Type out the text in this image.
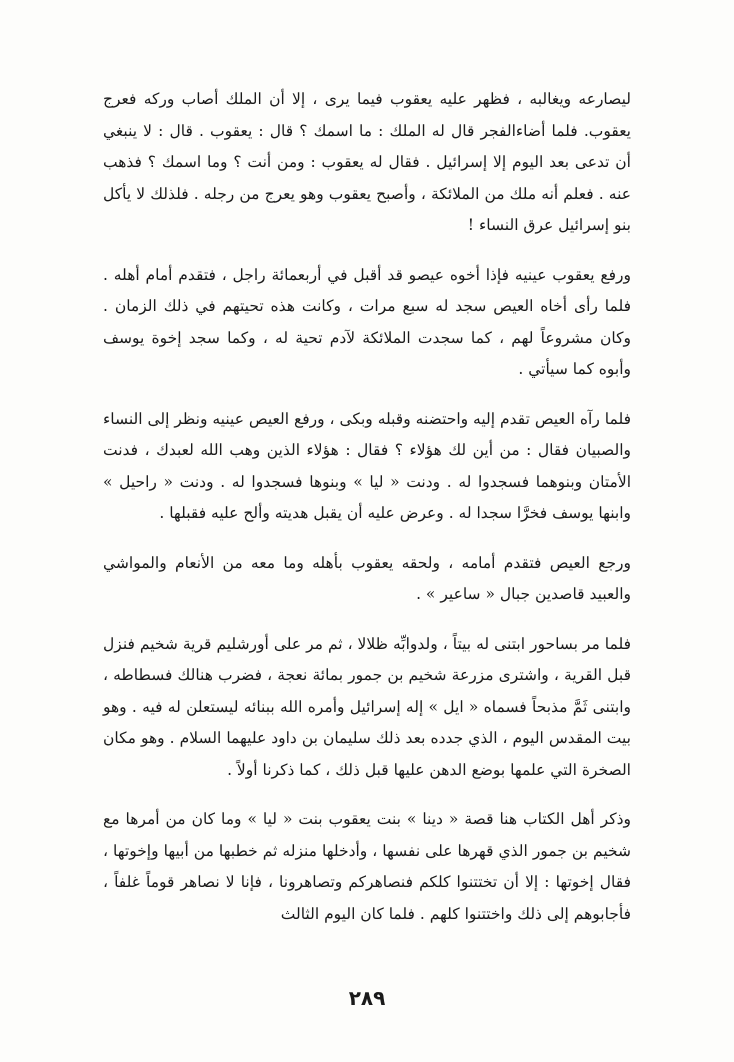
ليصارعه ويغالبه ، فظهر عليه يعقوب فيما يرى ، إلا أن الملك أصاب وركه فعرج يعقوب. فلما أضاءالفجر قال له الملك : ما اسمك ؟ قال : يعقوب . قال : لا ينبغي أن تدعى بعد اليوم إلا إسرائيل . فقال له يعقوب : ومن أنت ؟ وما اسمك ؟ فذهب عنه . فعلم أنه ملك من الملائكة ، وأصبح يعقوب وهو يعرج من رجله . فلذلك لا يأكل بنو إسرائيل عرق النساء !

ورفع يعقوب عينيه فإذا أخوه عيصو قد أقبل في أربعمائة راجل ، فتقدم أمام أهله . فلما رأى أخاه العيص سجد له سبع مرات ، وكانت هذه تحيتهم في ذلك الزمان . وكان مشروعاً لهم ، كما سجدت الملائكة لآدم تحية له ، وكما سجد إخوة يوسف وأبوه كما سيأتي .

فلما رآه العيص تقدم إليه واحتضنه وقبله وبكى ، ورفع العيص عينيه ونظر إلى النساء والصبيان فقال : من أين لك هؤلاء ؟ فقال : هؤلاء الذين وهب الله لعبدك ، فدنت الأمتان وبنوهما فسجدوا له . ودنت « ليا » وبنوها فسجدوا له . ودنت « راحيل » وابنها يوسف فخرَّا سجدا له . وعرض عليه أن يقبل هديته وألح عليه فقبلها .

ورجع العيص فتقدم أمامه ، ولحقه يعقوب بأهله وما معه من الأنعام والمواشي والعبيد قاصدين جبال « ساعير » .

فلما مر بساحور ابتنى له بيتاً ، ولدوابِّه ظلالا ، ثم مر على أورشليم قرية شخيم فنزل قبل القرية ، واشترى مزرعة شخيم بن جمور بمائة نعجة ، فضرب هنالك فسطاطه ، وابتنى ثَمَّ مذبحاً فسماه « ايل » إله إسرائيل وأمره الله ببنائه ليستعلن له فيه . وهو بيت المقدس اليوم ، الذي جدده بعد ذلك سليمان بن داود عليهما السلام . وهو مكان الصخرة التي علمها بوضع الدهن عليها قبل ذلك ، كما ذكرنا أولاً .

وذكر أهل الكتاب هنا قصة « دينا » بنت يعقوب بنت « ليا » وما كان من أمرها مع شخيم بن جمور الذي قهرها على نفسها ، وأدخلها منزله ثم خطبها من أبيها وإخوتها ، فقال إخوتها : إلا أن تختتنوا كلكم فنصاهركم وتصاهرونا ، فإنا لا نصاهر قوماً غلفاً ، فأجابوهم إلى ذلك واختتنوا كلهم . فلما كان اليوم الثالث

٢٨٩
